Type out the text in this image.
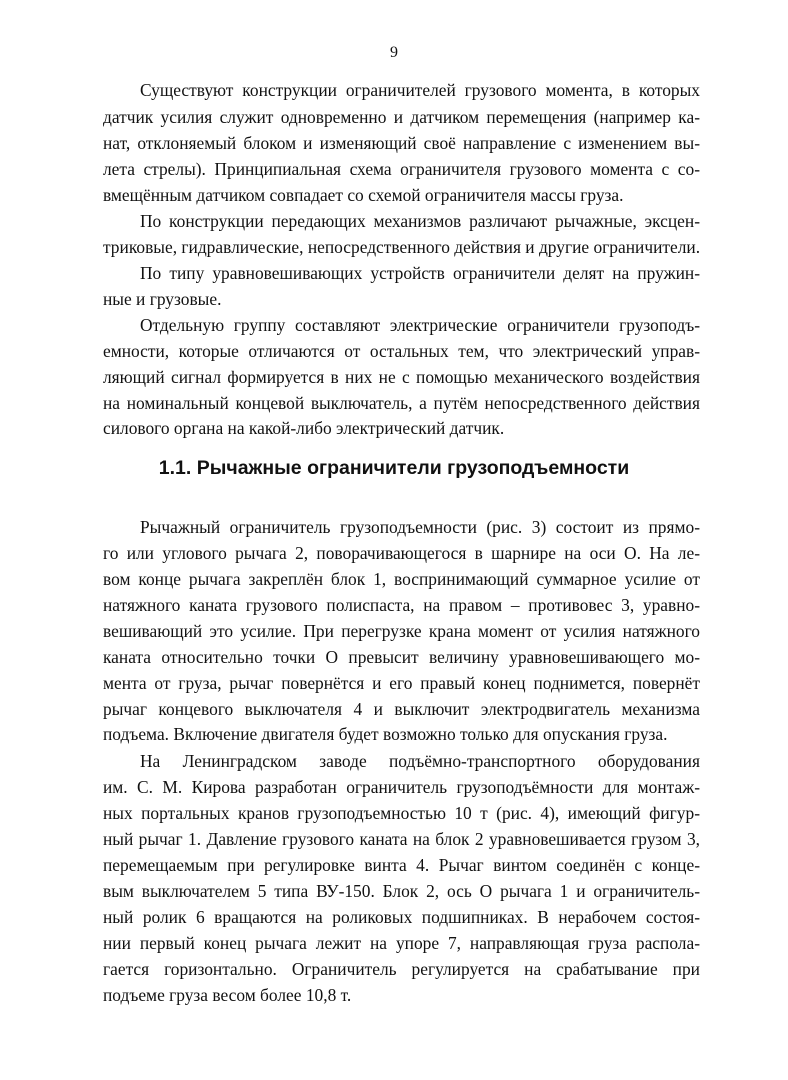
9
Существуют конструкции ограничителей грузового момента, в которых
датчик усилия служит одновременно и датчиком перемещения (например ка-
нат, отклоняемый блоком и изменяющий своё направление с изменением вы-
лета стрелы). Принципиальная схема ограничителя грузового момента с со-
вмещённым датчиком совпадает со схемой ограничителя массы груза.
По конструкции передающих механизмов различают рычажные, эксцен-
триковые, гидравлические, непосредственного действия и другие ограничители.
По типу уравновешивающих устройств ограничители делят на пружин-
ные и грузовые.
Отдельную группу составляют электрические ограничители грузоподъ-
емности, которые отличаются от остальных тем, что электрический управ-
ляющий сигнал формируется в них не с помощью механического воздействия
на номинальный концевой выключатель, а путём непосредственного действия
силового органа на какой-либо электрический датчик.
1.1. Рычажные ограничители грузоподъемности
Рычажный ограничитель грузоподъемности (рис. 3) состоит из прямо-
го или углового рычага 2, поворачивающегося в шарнире на оси О. На ле-
вом конце рычага закреплён блок 1, воспринимающий суммарное усилие от
натяжного каната грузового полиспаста, на правом – противовес 3, уравно-
вешивающий это усилие. При перегрузке крана момент от усилия натяжного
каната относительно точки О превысит величину уравновешивающего мо-
мента от груза, рычаг повернётся и его правый конец поднимется, повернёт
рычаг концевого выключателя 4 и выключит электродвигатель механизма
подъема. Включение двигателя будет возможно только для опускания груза.
На Ленинградском заводе подъёмно-транспортного оборудования
им. С. М. Кирова разработан ограничитель грузоподъёмности для монтаж-
ных портальных кранов грузоподъемностью 10 т (рис. 4), имеющий фигур-
ный рычаг 1. Давление грузового каната на блок 2 уравновешивается грузом 3,
перемещаемым при регулировке винта 4. Рычаг винтом соединён с конце-
вым выключателем 5 типа ВУ-150. Блок 2, ось О рычага 1 и ограничитель-
ный ролик 6 вращаются на роликовых подшипниках. В нерабочем состоя-
нии первый конец рычага лежит на упоре 7, направляющая груза распола-
гается горизонтально. Ограничитель регулируется на срабатывание при
подъеме груза весом более 10,8 т.
